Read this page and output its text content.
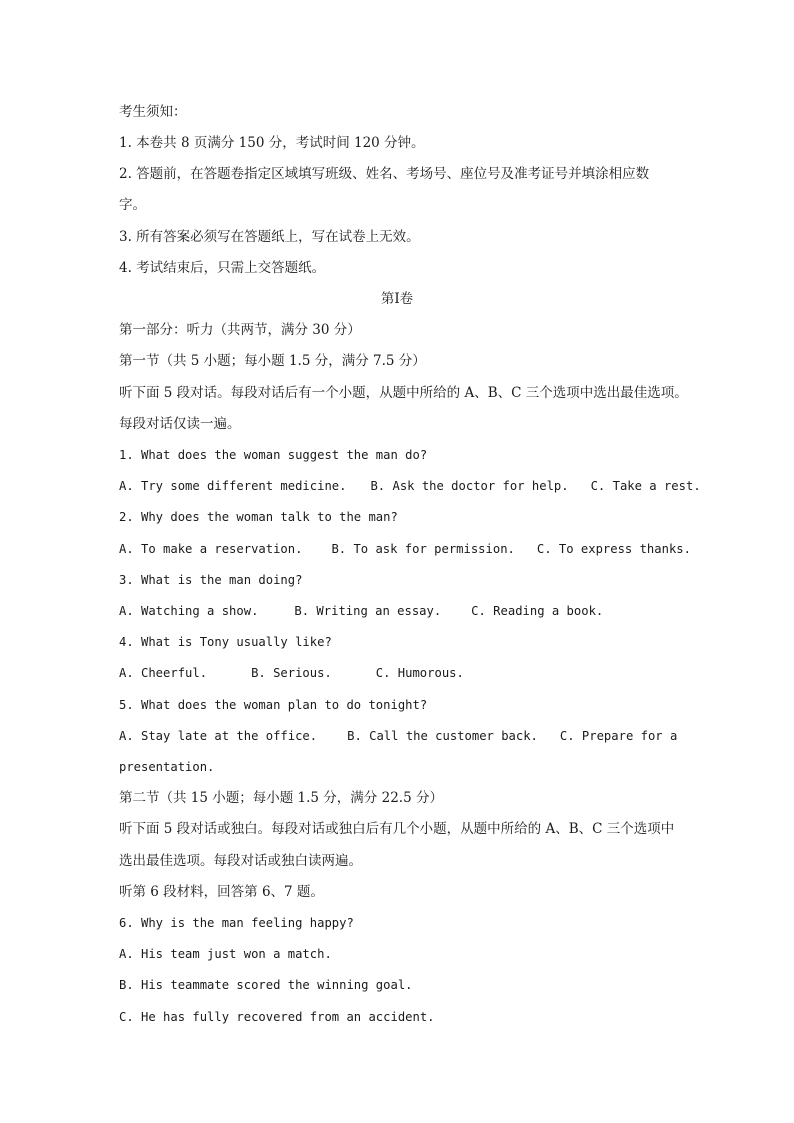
考生须知：
1. 本卷共 8 页满分 150 分，考试时间 120 分钟。
2. 答题前，在答题卷指定区域填写班级、姓名、考场号、座位号及准考证号并填涂相应数
字。
3. 所有答案必须写在答题纸上，写在试卷上无效。
4. 考试结束后，只需上交答题纸。
第Ⅰ卷
第一部分：听力（共两节，满分 30 分）
第一节（共 5 小题；每小题 1.5 分，满分 7.5 分）
听下面 5 段对话。每段对话后有一个小题，从题中所给的 A、B、C 三个选项中选出最佳选项。
每段对话仅读一遍。
1. What does the woman suggest the man do?
A. Try some different medicine. B. Ask the doctor for help. C. Take a rest.
2. Why does the woman talk to the man?
A. To make a reservation. B. To ask for permission. C. To express thanks.
3. What is the man doing?
A. Watching a show.	B. Writing an essay. C. Reading a book.
4. What is Tony usually like?
A. Cheerful.	B. Serious.	C. Humorous.
5. What does the woman plan to do tonight?
A. Stay late at the office. B. Call the customer back. C. Prepare for a
presentation.
第二节（共 15 小题；每小题 1.5 分，满分 22.5 分）
听下面 5 段对话或独白。每段对话或独白后有几个小题，从题中所给的 A、B、C 三个选项中
选出最佳选项。每段对话或独白读两遍。
听第 6 段材料，回答第 6、7 题。
6. Why is the man feeling happy?
A. His team just won a match.
B. His teammate scored the winning goal.
C. He has fully recovered from an accident.
